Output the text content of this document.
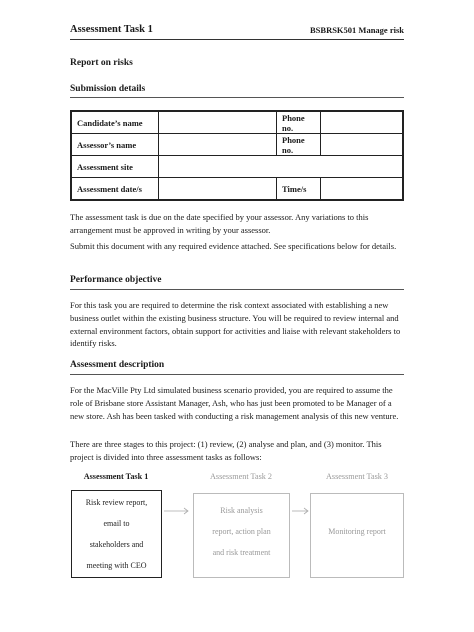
Assessment Task 1	BSBRSK501 Manage risk
Report on risks
Submission details
Candidate’s name		Phone no.	
Assessor’s name		Phone no.	
Assessment site			
Assessment date/s		Time/s	
The assessment task is due on the date specified by your assessor. Any variations to this arrangement must be approved in writing by your assessor.
Submit this document with any required evidence attached. See specifications below for details.
Performance objective
For this task you are required to determine the risk context associated with establishing a new business outlet within the existing business structure. You will be required to review internal and external environment factors, obtain support for activities and liaise with relevant stakeholders to identify risks.
Assessment description
For the MacVille Pty Ltd simulated business scenario provided, you are required to assume the role of Brisbane store Assistant Manager, Ash, who has just been promoted to be Manager of a new store. Ash has been tasked with conducting a risk management analysis of this new venture.
There are three stages to this project: (1) review, (2) analyse and plan, and (3) monitor. This project is divided into three assessment tasks as follows:
Assessment Task 1	Assessment Task 2	Assessment Task 3
Risk review report,
email to
stakeholders and
meeting with CEO
Risk analysis
report, action plan
and risk treatment
Monitoring report
